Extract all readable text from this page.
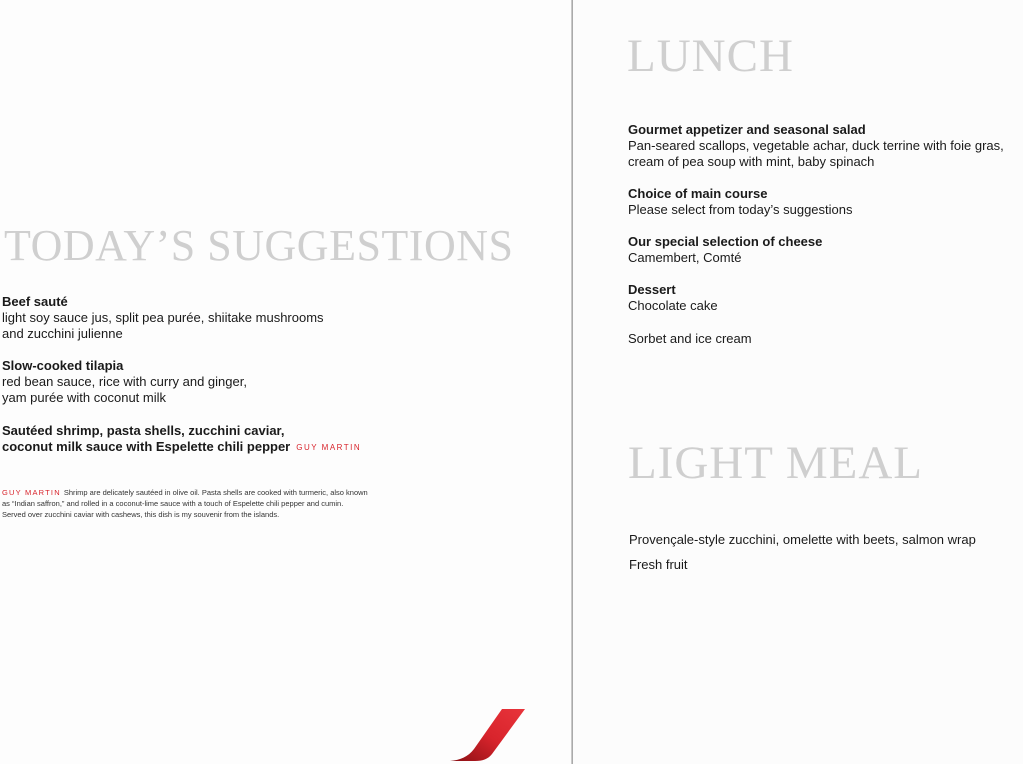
TODAY’S SUGGESTIONS
Beef sauté
light soy sauce jus, split pea purée, shiitake mushrooms
and zucchini julienne
Slow-cooked tilapia
red bean sauce, rice with curry and ginger,
yam purée with coconut milk
Sautéed shrimp, pasta shells, zucchini caviar,
coconut milk sauce with Espelette chili pepper GUY MARTIN
GUY MARTIN Shrimp are delicately sautéed in olive oil. Pasta shells are cooked with turmeric, also known
as “Indian saffron,” and rolled in a coconut-lime sauce with a touch of Espelette chili pepper and cumin.
Served over zucchini caviar with cashews, this dish is my souvenir from the islands.
LUNCH
Gourmet appetizer and seasonal salad
Pan-seared scallops, vegetable achar, duck terrine with foie gras,
cream of pea soup with mint, baby spinach
Choice of main course
Please select from today’s suggestions
Our special selection of cheese
Camembert, Comté
Dessert
Chocolate cake
Sorbet and ice cream
LIGHT MEAL
Provençale-style zucchini, omelette with beets, salmon wrap
Fresh fruit
